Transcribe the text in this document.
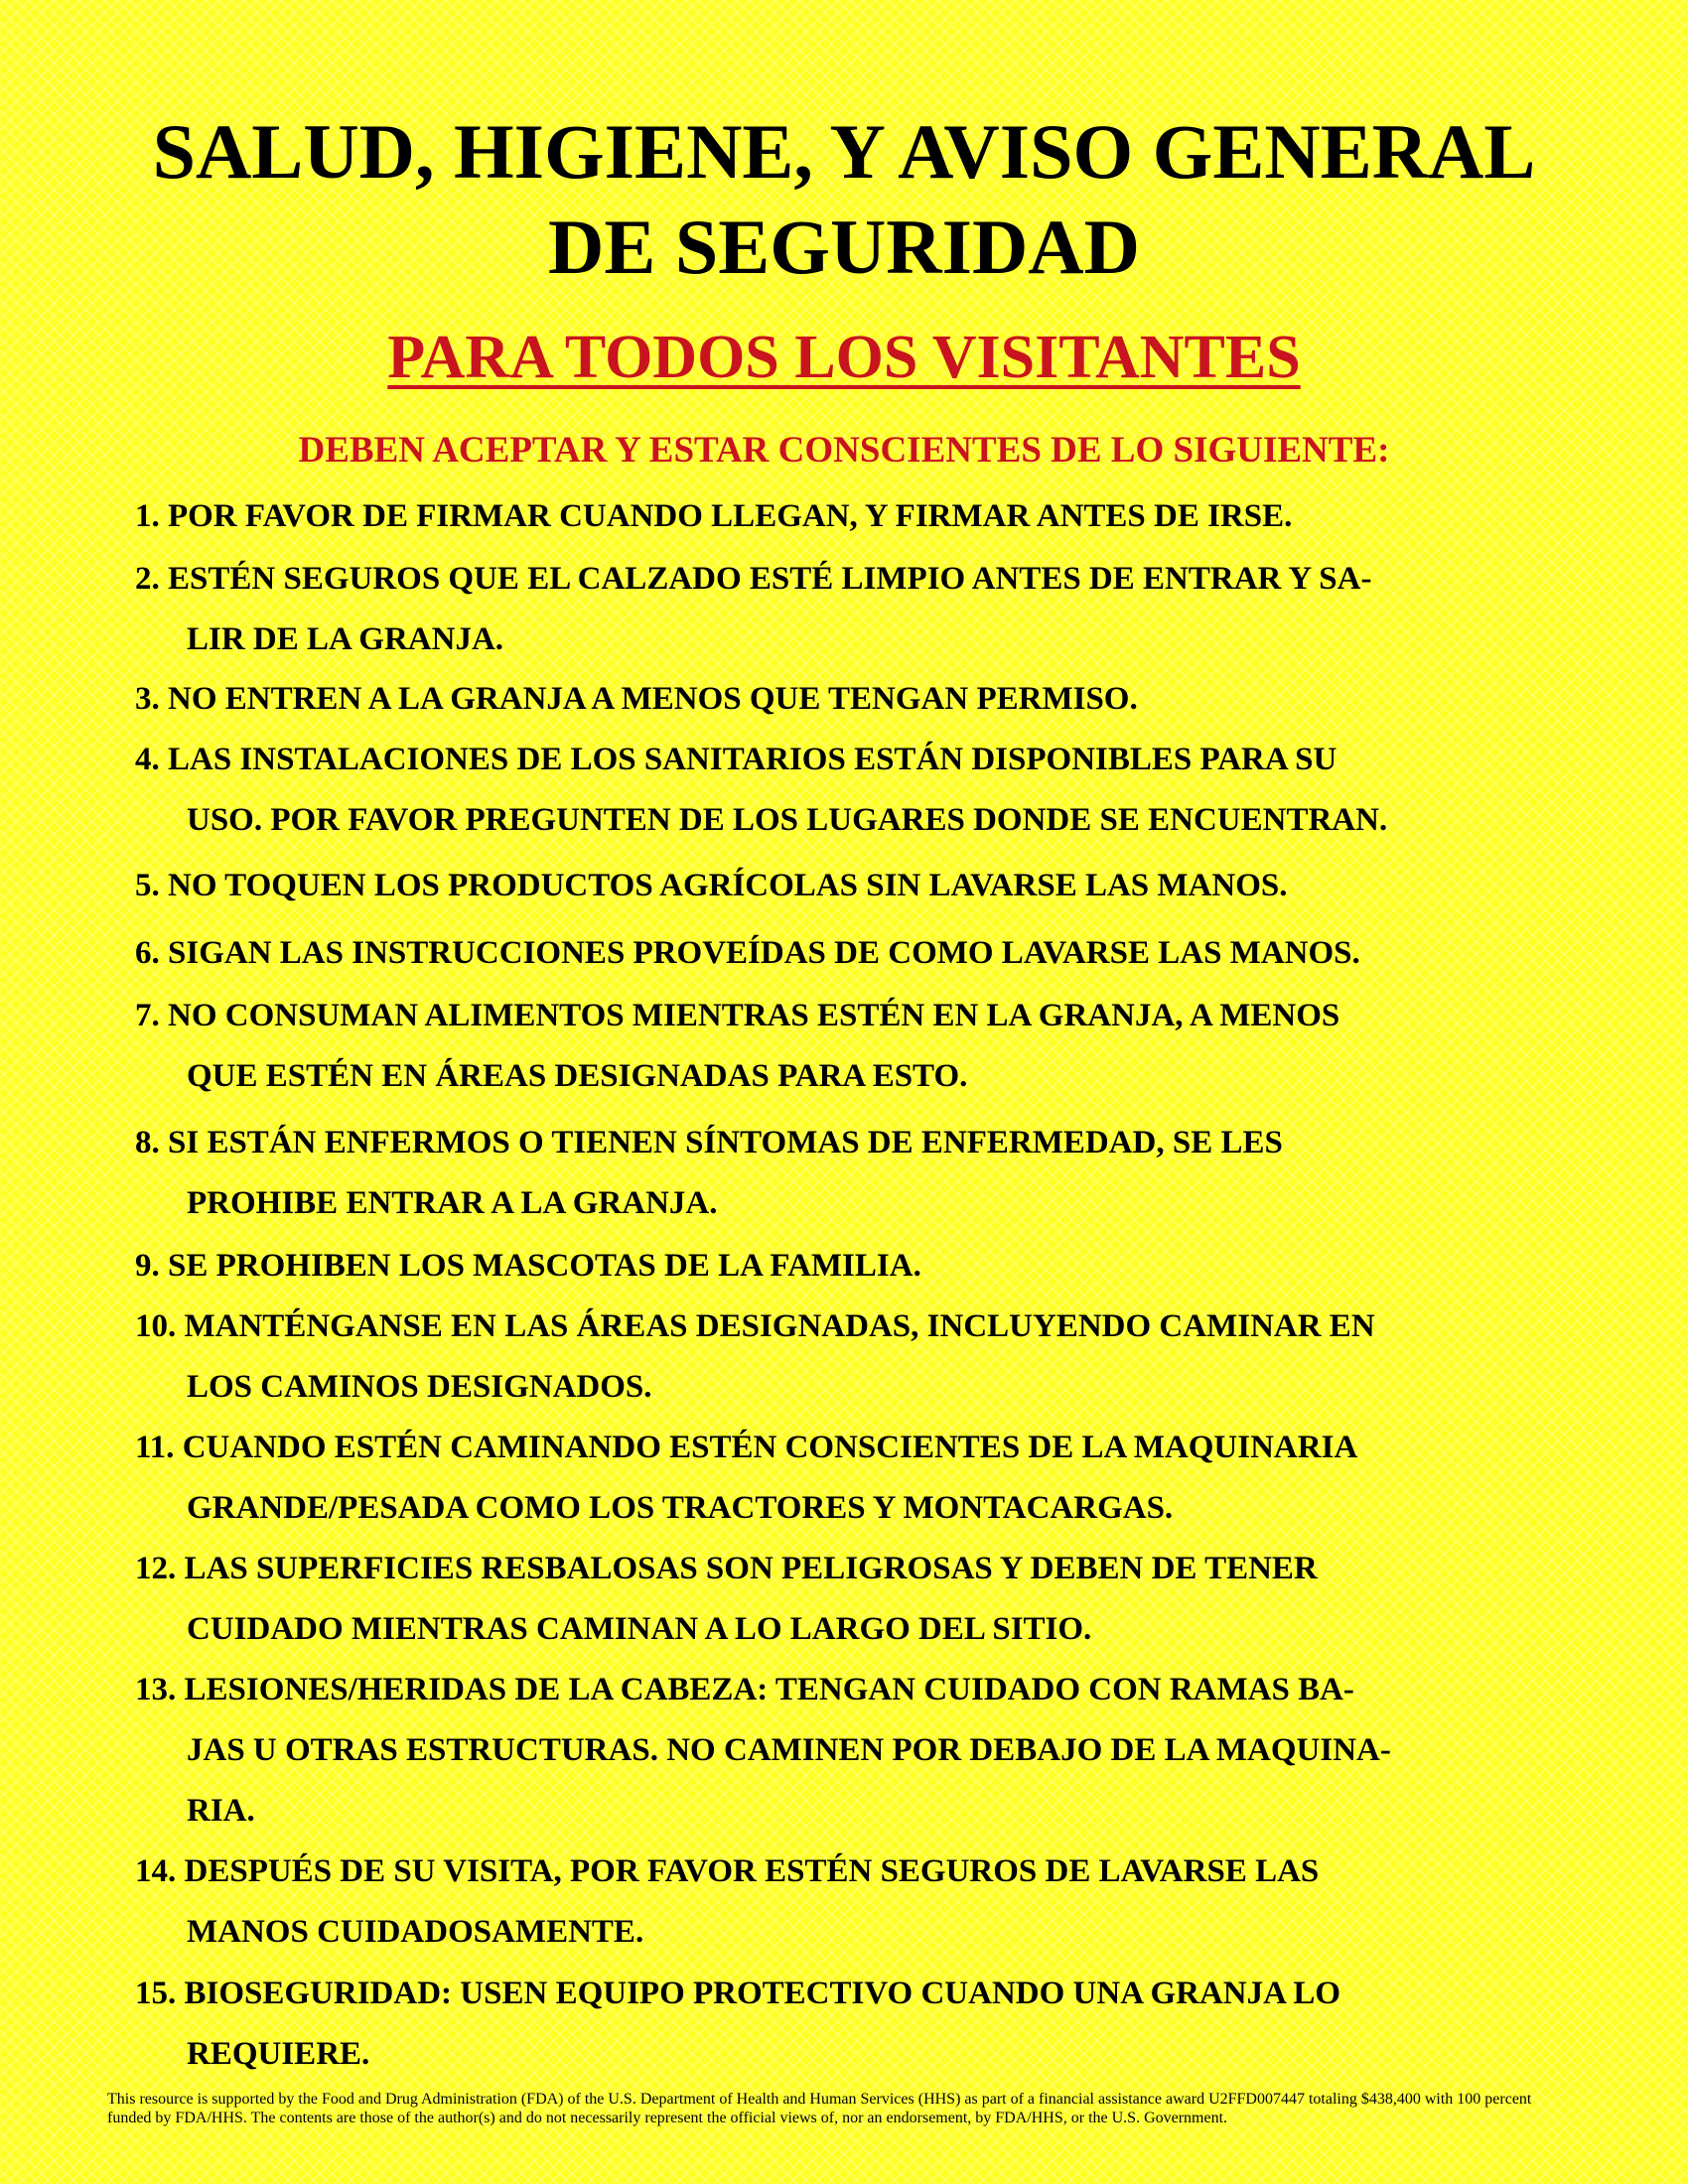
SALUD, HIGIENE, Y AVISO GENERAL
DE SEGURIDAD
PARA TODOS LOS VISITANTES
DEBEN ACEPTAR Y ESTAR CONSCIENTES DE LO SIGUIENTE:
1. POR FAVOR DE FIRMAR CUANDO LLEGAN, Y FIRMAR ANTES DE IRSE.
2. ESTÉN SEGUROS QUE EL CALZADO ESTÉ LIMPIO ANTES DE ENTRAR Y SA-
LIR DE LA GRANJA.
3. NO ENTREN A LA GRANJA A MENOS QUE TENGAN PERMISO.
4. LAS INSTALACIONES DE LOS SANITARIOS ESTÁN DISPONIBLES PARA SU
USO. POR FAVOR PREGUNTEN DE LOS LUGARES DONDE SE ENCUENTRAN.
5. NO TOQUEN LOS PRODUCTOS AGRÍCOLAS SIN LAVARSE LAS MANOS.
6. SIGAN LAS INSTRUCCIONES PROVEÍDAS DE COMO LAVARSE LAS MANOS.
7. NO CONSUMAN ALIMENTOS MIENTRAS ESTÉN EN LA GRANJA, A MENOS
QUE ESTÉN EN ÁREAS DESIGNADAS PARA ESTO.
8. SI ESTÁN ENFERMOS O TIENEN SÍNTOMAS DE ENFERMEDAD, SE LES
PROHIBE ENTRAR A LA GRANJA.
9. SE PROHIBEN LOS MASCOTAS DE LA FAMILIA.
10. MANTÉNGANSE EN LAS ÁREAS DESIGNADAS, INCLUYENDO CAMINAR EN
LOS CAMINOS DESIGNADOS.
11. CUANDO ESTÉN CAMINANDO ESTÉN CONSCIENTES DE LA MAQUINARIA
GRANDE/PESADA COMO LOS TRACTORES Y MONTACARGAS.
12. LAS SUPERFICIES RESBALOSAS SON PELIGROSAS Y DEBEN DE TENER
CUIDADO MIENTRAS CAMINAN A LO LARGO DEL SITIO.
13. LESIONES/HERIDAS DE LA CABEZA: TENGAN CUIDADO CON RAMAS BA-
JAS U OTRAS ESTRUCTURAS. NO CAMINEN POR DEBAJO DE LA MAQUINA-
RIA.
14. DESPUÉS DE SU VISITA, POR FAVOR ESTÉN SEGUROS DE LAVARSE LAS
MANOS CUIDADOSAMENTE.
15. BIOSEGURIDAD: USEN EQUIPO PROTECTIVO CUANDO UNA GRANJA LO
REQUIERE.

This resource is supported by the Food and Drug Administration (FDA) of the U.S. Department of Health and Human Services (HHS) as part of a financial assistance award U2FFD007447 totaling $438,400 with 100 percent funded by FDA/HHS. The contents are those of the author(s) and do not necessarily represent the official views of, nor an endorsement, by FDA/HHS, or the U.S. Government.
